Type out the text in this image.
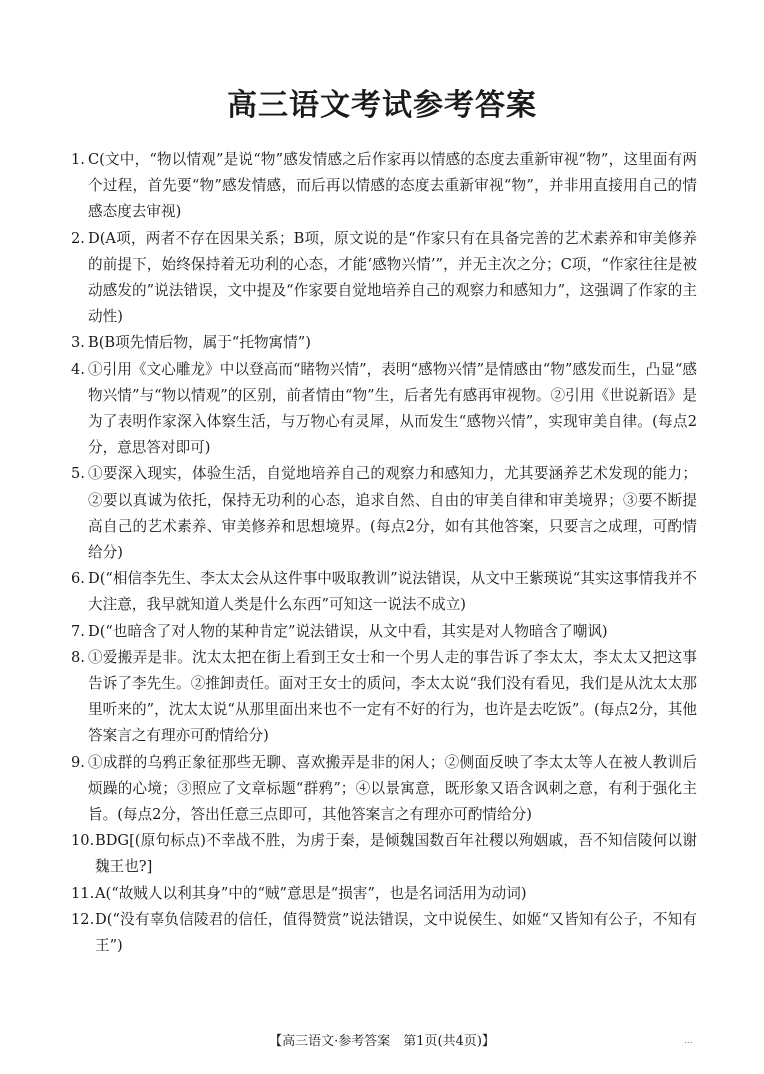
高三语文考试参考答案
1. C(文中，“物以情观”是说“物”感发情感之后作家再以情感的态度去重新审视“物”，这里面有两个过程，首先要“物”感发情感，而后再以情感的态度去重新审视“物”，并非用直接用自己的情感态度去审视)
2. D(A项，两者不存在因果关系；B项，原文说的是“作家只有在具备完善的艺术素养和审美修养的前提下，始终保持着无功利的心态，才能‘感物兴情’”，并无主次之分；C项，“作家往往是被动感发的”说法错误，文中提及“作家要自觉地培养自己的观察力和感知力”，这强调了作家的主动性)
3. B(B项先情后物，属于“托物寓情”)
4. ①引用《文心雕龙》中以登高而“睹物兴情”，表明“感物兴情”是情感由“物”感发而生，凸显“感物兴情”与“物以情观”的区别，前者情由“物”生，后者先有感再审视物。②引用《世说新语》是为了表明作家深入体察生活，与万物心有灵犀，从而发生“感物兴情”，实现审美自律。(每点2分，意思答对即可)
5. ①要深入现实，体验生活，自觉地培养自己的观察力和感知力，尤其要涵养艺术发现的能力；②要以真诚为依托，保持无功利的心态，追求自然、自由的审美自律和审美境界；③要不断提高自己的艺术素养、审美修养和思想境界。(每点2分，如有其他答案，只要言之成理，可酌情给分)
6. D(“相信李先生、李太太会从这件事中吸取教训”说法错误，从文中王紫瑛说“其实这事情我并不大注意，我早就知道人类是什么东西”可知这一说法不成立)
7. D(“也暗含了对人物的某种肯定”说法错误，从文中看，其实是对人物暗含了嘲讽)
8. ①爱搬弄是非。沈太太把在街上看到王女士和一个男人走的事告诉了李太太，李太太又把这事告诉了李先生。②推卸责任。面对王女士的质问，李太太说“我们没有看见，我们是从沈太太那里听来的”，沈太太说“从那里面出来也不一定有不好的行为，也许是去吃饭”。(每点2分，其他答案言之有理亦可酌情给分)
9. ①成群的乌鸦正象征那些无聊、喜欢搬弄是非的闲人；②侧面反映了李太太等人在被人教训后烦躁的心境；③照应了文章标题“群鸦”；④以景寓意，既形象又语含讽刺之意，有利于强化主旨。(每点2分，答出任意三点即可，其他答案言之有理亦可酌情给分)
10. BDG[(原句标点)不幸战不胜，为虏于秦，是倾魏国数百年社稷以殉姻戚，吾不知信陵何以谢魏王也?]
11. A(“故贼人以利其身”中的“贼”意思是“损害”，也是名词活用为动词)
12. D(“没有辜负信陵君的信任，值得赞赏”说法错误，文中说侯生、如姬“又皆知有公子，不知有王”)
【高三语文·参考答案　第1页(共4页)】	...
